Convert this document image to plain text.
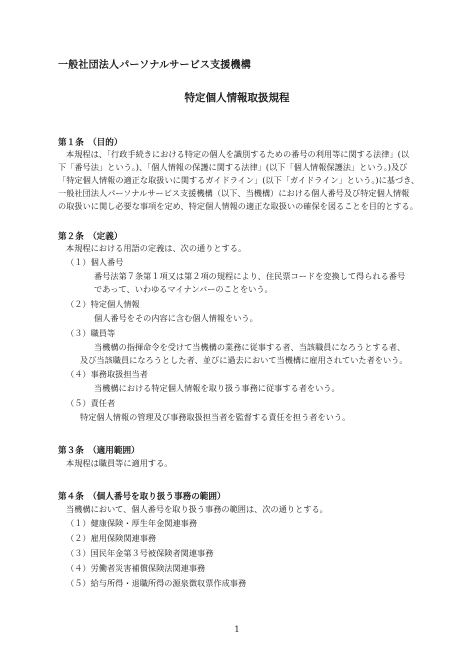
一般社団法人パーソナルサービス支援機構
特定個人情報取扱規程
第１条　（目的）
本規程は、「行政手続きにおける特定の個人を識別するための番号の利用等に関する法律」(以
下「番号法」という。)、「個人情報の保護に関する法律」(以下「個人情報保護法」という。)及び
「特定個人情報の適正な取扱いに関するガイドライン」(以下「ガイドライン」という。)に基づき、
一般社団法人パーソナルサービス支援機構（以下、当機構）における個人番号及び特定個人情報
の取扱いに関し必要な事項を定め、特定個人情報の適正な取扱いの確保を図ることを目的とする。
第２条　（定義）
本規程における用語の定義は、次の通りとする。
（１）個人番号
番号法第７条第１項又は第２項の規程により、住民票コードを変換して得られる番号
であって、いわゆるマイナンバーのことをいう。
（２）特定個人情報
個人番号をその内容に含む個人情報をいう。
（３）職員等
当機構の指揮命令を受けて当機構の業務に従事する者、当該職員になろうとする者、
及び当該職員になろうとした者、並びに過去において当機構に雇用されていた者をいう。
（４）事務取扱担当者
当機構における特定個人情報を取り扱う事務に従事する者をいう。
（５）責任者
特定個人情報の管理及び事務取扱担当者を監督する責任を担う者をいう。
第３条　（適用範囲）
本規程は職員等に適用する。
第４条　（個人番号を取り扱う事務の範囲）
当機構において、個人番号を取り扱う事務の範囲は、次の通りとする。
（１）健康保険・厚生年金関連事務
（２）雇用保険関連事務
（３）国民年金第３号被保険者関連事務
（４）労働者災害補償保険法関連事務
（５）給与所得・退職所得の源泉徴収票作成事務
1
